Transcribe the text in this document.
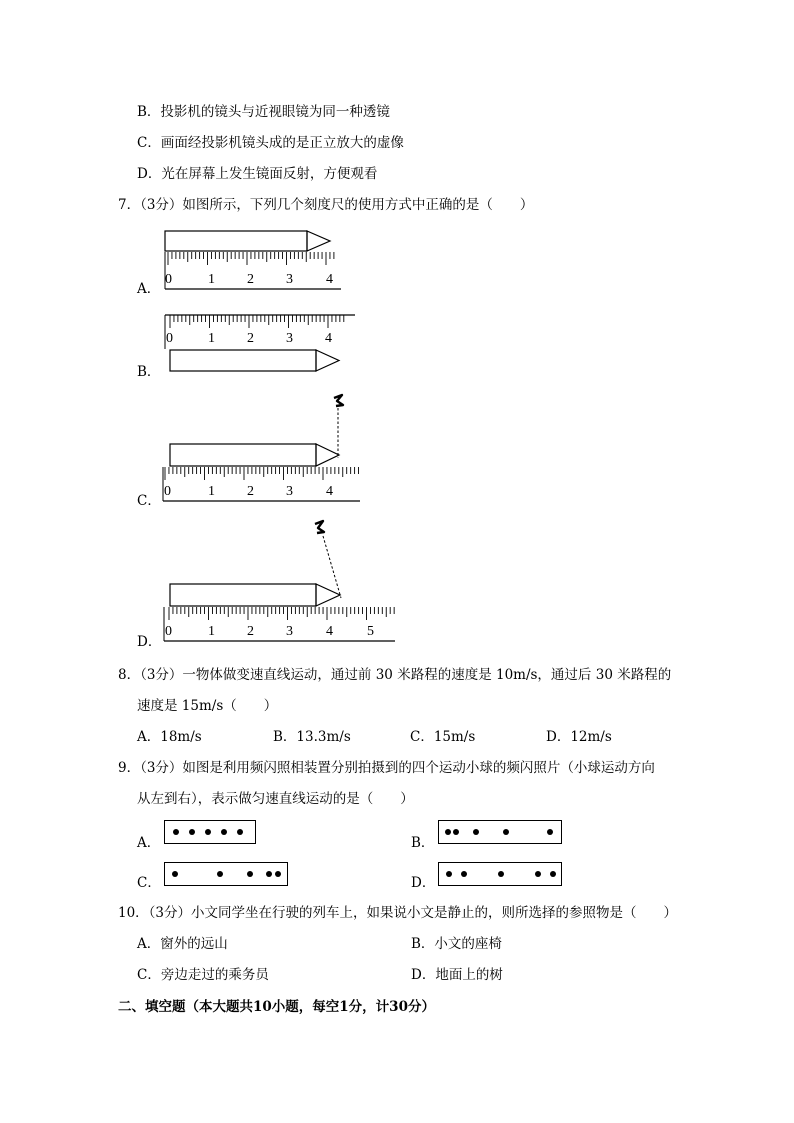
B．投影机的镜头与近视眼镜为同一种透镜
C．画面经投影机镜头成的是正立放大的虚像
D．光在屏幕上发生镜面反射，方便观看
7．（3分）如图所示，下列几个刻度尺的使用方式中正确的是（　　）
A．
0	1 2 3 4
B．
0	1 2 3 4
C．
0	1 2 3 4
D．
0	1 2 3 4 5
8．（3分）一物体做变速直线运动，通过前 30 米路程的速度是 10m/s，通过后 30 米路程的
速度是 15m/s（　　）
A．18m/s	B．13.3m/s	C．15m/s	D．12m/s
9．（3分）如图是利用频闪照相装置分别拍摄到的四个运动小球的频闪照片（小球运动方向
从左到右），表示做匀速直线运动的是（　　）
A．	B．
C．	D．
10．（3分）小文同学坐在行驶的列车上，如果说小文是静止的，则所选择的参照物是（　　）
A．窗外的远山	B．小文的座椅
C．旁边走过的乘务员	D．地面上的树
二、填空题（本大题共10小题，每空1分，计30分）
